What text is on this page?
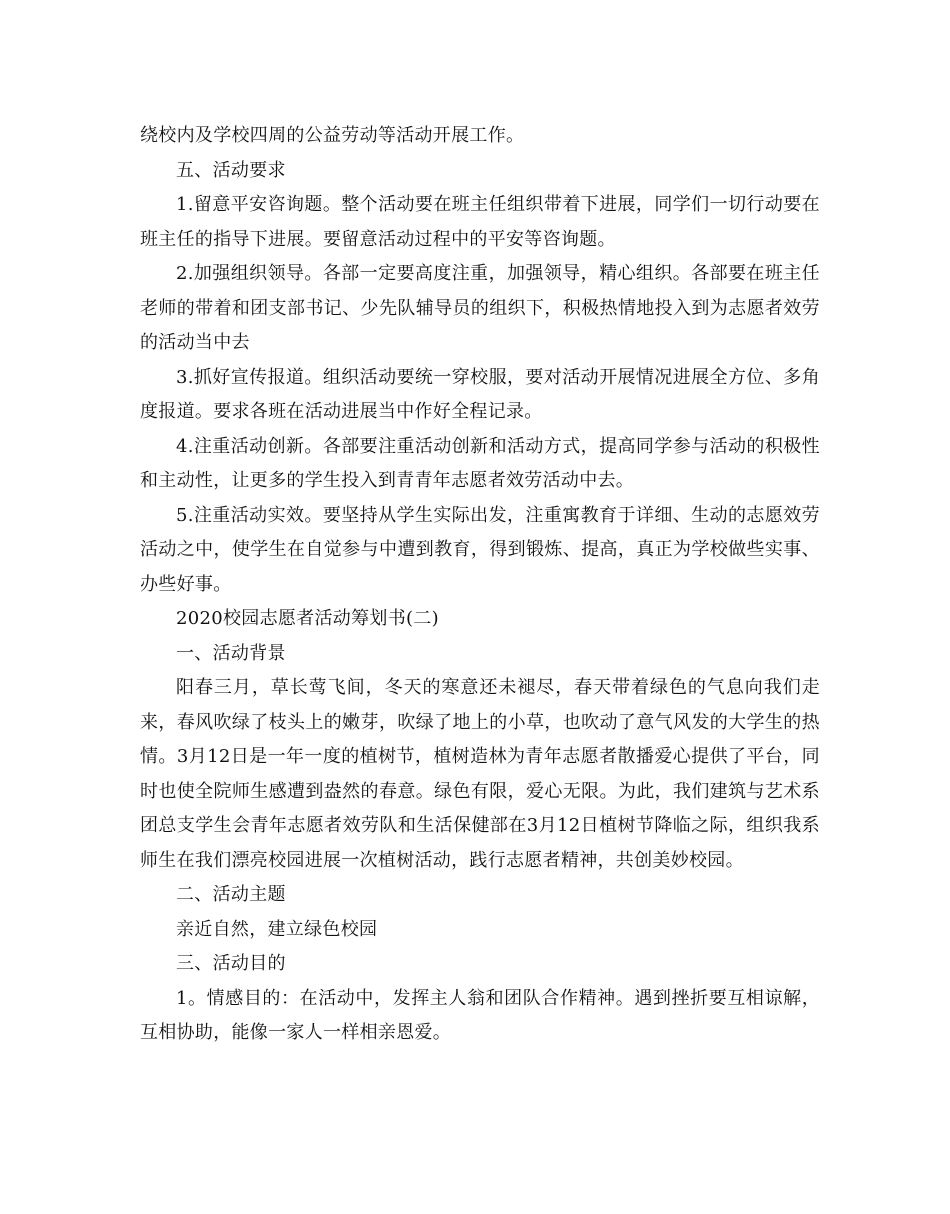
绕校内及学校四周的公益劳动等活动开展工作。

五、活动要求

1.留意平安咨询题。整个活动要在班主任组织带着下进展，同学们一切行动要在班主任的指导下进展。要留意活动过程中的平安等咨询题。

2.加强组织领导。各部一定要高度注重，加强领导，精心组织。各部要在班主任老师的带着和团支部书记、少先队辅导员的组织下，积极热情地投入到为志愿者效劳的活动当中去

3.抓好宣传报道。组织活动要统一穿校服，要对活动开展情况进展全方位、多角度报道。要求各班在活动进展当中作好全程记录。

4.注重活动创新。各部要注重活动创新和活动方式，提高同学参与活动的积极性和主动性，让更多的学生投入到青青年志愿者效劳活动中去。

5.注重活动实效。要坚持从学生实际出发，注重寓教育于详细、生动的志愿效劳活动之中，使学生在自觉参与中遭到教育，得到锻炼、提高，真正为学校做些实事、办些好事。

2020校园志愿者活动筹划书(二)

一、活动背景

阳春三月，草长莺飞间，冬天的寒意还未褪尽，春天带着绿色的气息向我们走来，春风吹绿了枝头上的嫩芽，吹绿了地上的小草，也吹动了意气风发的大学生的热情。3月12日是一年一度的植树节，植树造林为青年志愿者散播爱心提供了平台，同时也使全院师生感遭到盎然的春意。绿色有限，爱心无限。为此，我们建筑与艺术系团总支学生会青年志愿者效劳队和生活保健部在3月12日植树节降临之际，组织我系师生在我们漂亮校园进展一次植树活动，践行志愿者精神，共创美妙校园。

二、活动主题

亲近自然，建立绿色校园

三、活动目的

1。情感目的：在活动中，发挥主人翁和团队合作精神。遇到挫折要互相谅解，互相协助，能像一家人一样相亲恩爱。
